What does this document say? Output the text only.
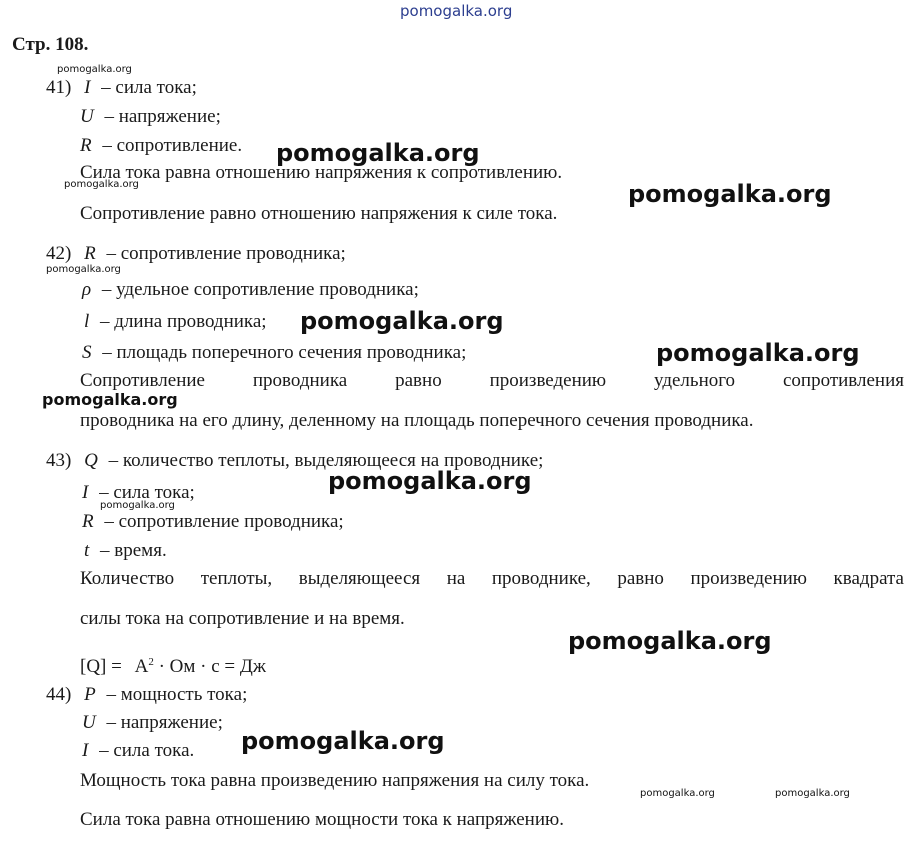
pomogalka.org
Стр. 108.
41) I – сила тока;
U – напряжение;
R – сопротивление.
Сила тока равна отношению напряжения к сопротивлению.
Сопротивление равно отношению напряжения к силе тока.
42) R – сопротивление проводника;
ρ – удельное сопротивление проводника;
l – длина проводника;
S – площадь поперечного сечения проводника;
Сопротивление проводника равно произведению удельного сопротивления
проводника на его длину, деленному на площадь поперечного сечения проводника.
43) Q – количество теплоты, выделяющееся на проводнике;
I – сила тока;
R – сопротивление проводника;
t – время.
Количество теплоты, выделяющееся на проводнике, равно произведению квадрата
силы тока на сопротивление и на время.
$[Q] = А^2$ · Ом · с = Дж
44) P – мощность тока;
U – напряжение;
I – сила тока.
Мощность тока равна произведению напряжения на силу тока.
Сила тока равна отношению мощности тока к напряжению.
pomogalka.org
pomogalka.org
pomogalka.org
pomogalka.org
pomogalka.org	pomogalka.org
pomogalka.org
pomogalka.org
pomogalka.org
pomogalka.org
pomogalka.org
pomogalka.org
pomogalka.org
pomogalka.org
